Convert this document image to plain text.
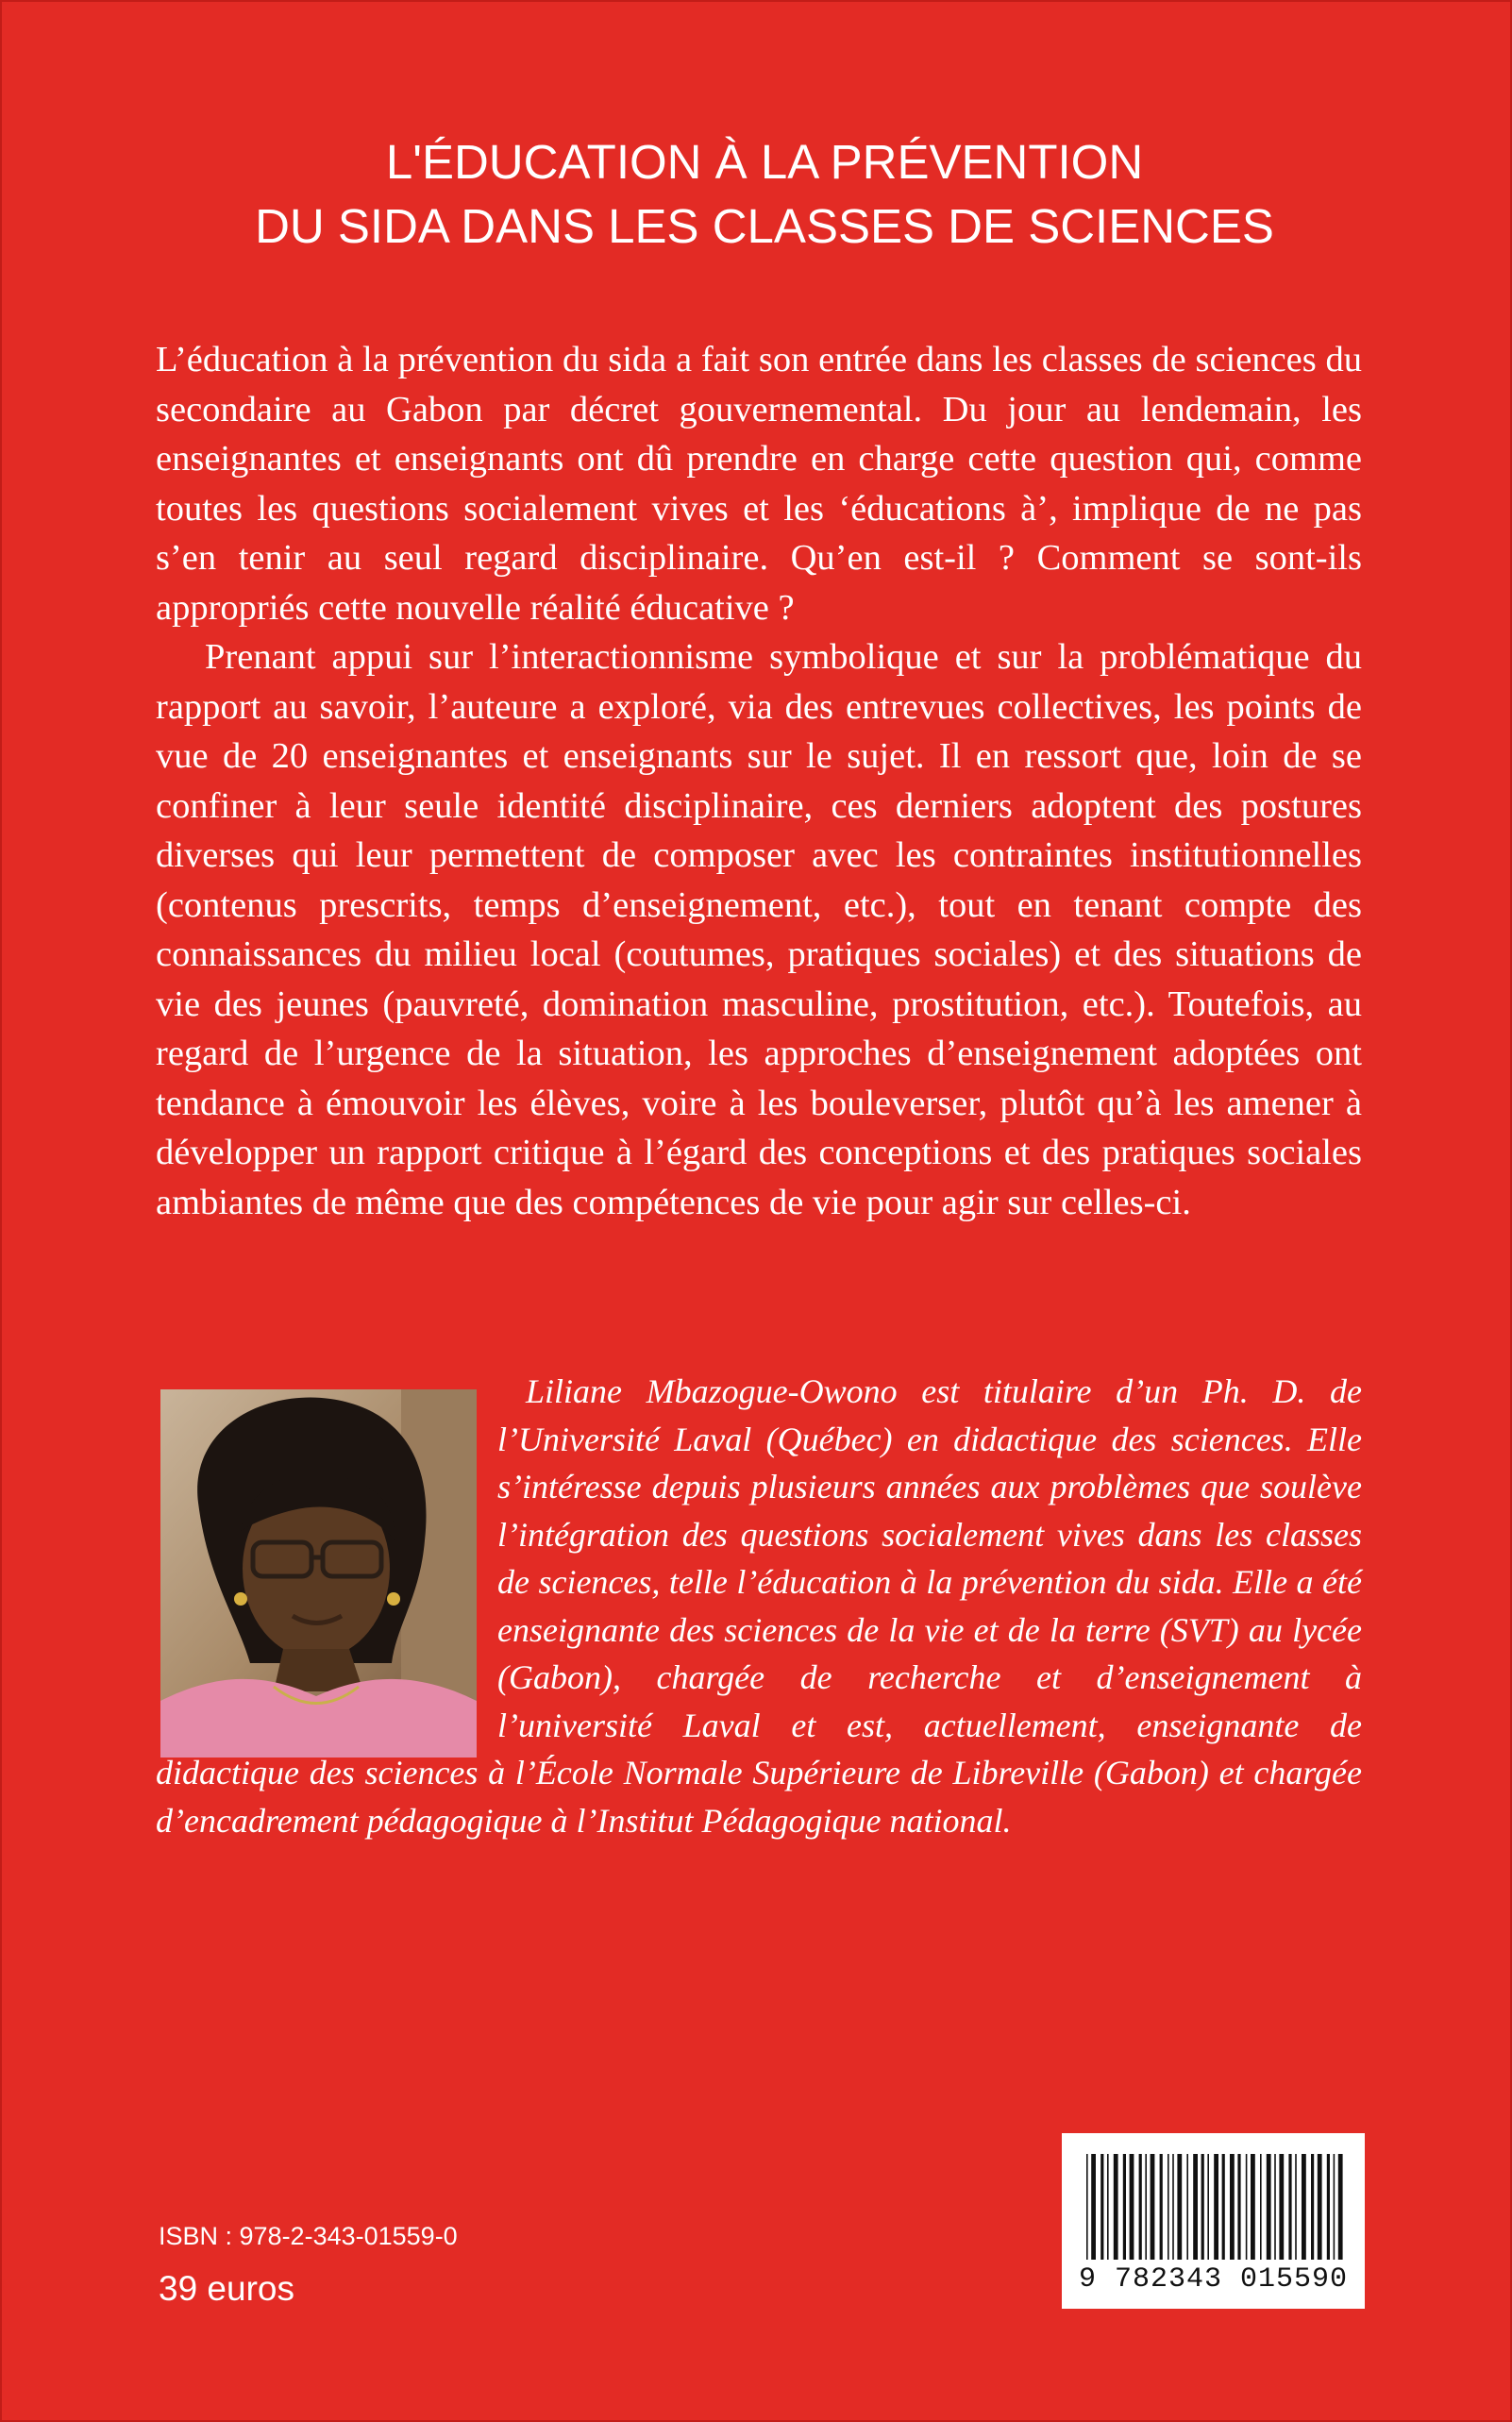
L'ÉDUCATION À LA PRÉVENTION
DU SIDA DANS LES CLASSES DE SCIENCES

L’éducation à la prévention du sida a fait son entrée dans les classes de sciences du secondaire au Gabon par décret gouvernemental. Du jour au lendemain, les enseignantes et enseignants ont dû prendre en charge cette question qui, comme toutes les questions socialement vives et les ‘éducations à’, implique de ne pas s’en tenir au seul regard disciplinaire. Qu’en est-il ? Comment se sont-ils appropriés cette nouvelle réalité éducative ?

Prenant appui sur l’interactionnisme symbolique et sur la problématique du rapport au savoir, l’auteure a exploré, via des entrevues collectives, les points de vue de 20 enseignantes et enseignants sur le sujet. Il en ressort que, loin de se confiner à leur seule identité disciplinaire, ces derniers adoptent des postures diverses qui leur permettent de composer avec les contraintes institutionnelles (contenus prescrits, temps d’enseignement, etc.), tout en tenant compte des connaissances du milieu local (coutumes, pratiques sociales) et des situations de vie des jeunes (pauvreté, domination masculine, prostitution, etc.). Toutefois, au regard de l’urgence de la situation, les approches d’enseignement adoptées ont tendance à émouvoir les élèves, voire à les bouleverser, plutôt qu’à les amener à développer un rapport critique à l’égard des conceptions et des pratiques sociales ambiantes de même que des compétences de vie pour agir sur celles-ci.

Liliane Mbazogue-Owono est titulaire d’un Ph. D. de l’Université Laval (Québec) en didactique des sciences. Elle s’intéresse depuis plusieurs années aux problèmes que soulève l’intégration des questions socialement vives dans les classes de sciences, telle l’éducation à la prévention du sida. Elle a été enseignante des sciences de la vie et de la terre (SVT) au lycée (Gabon), chargée de recherche et d’enseignement à l’université Laval et est, actuellement, enseignante de didactique des sciences à l’École Normale Supérieure de Libreville (Gabon) et chargée d’encadrement pédagogique à l’Institut Pédagogique national.

ISBN : 978-2-343-01559-0
39 euros	9 782343 015590
